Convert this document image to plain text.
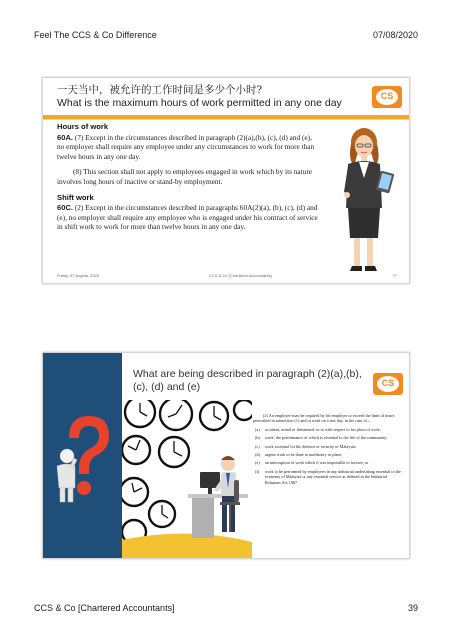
Feel The CCS & Co Difference	07/08/2020
一天当中，被允许的工作时间是多少个小时?
What is the maximum hours of work permitted in any one day
CS
Hours of work
60A. (7) Except in the circumstances described in paragraph (2)(a),(b), (c), (d) and (e), no employer shall require any employee under any circumstances to work for more than twelve hours in any one day.
(8) This section shall not apply to employees engaged in work which by its nature involves long hours of inactive or stand-by employment.
Shift work
60C. (2) Except in the circumstances described in paragraphs 60A(2)(a), (b), (c), (d) and (e), no employer shall require any employee who is engaged under his contract of service in shift work to work for more than twelve hours in any one day.
Friday, 07 August, 2020	CCS & Co (Chartered Accountants)	77
What are being described in paragraph (2)(a),(b), (c), (d) and (e)	CS
(2) An employee may be required by his employer to exceed the limit of hours prescribed in subsection (1) and to work on a rest day, in the case of—
(a)	accident, actual or threatened, in or with respect to his place of work;
(b)	work, the performance of which is essential to the life of the community;
(c)	work essential for the defence or security of Malaysia;
(d)	urgent work to be done to machinery or plant;
(e)	an interruption of work which it was impossible to foresee; or
(f)	work to be performed by employees in any industrial undertaking essential to the economy of Malaysia or any essential service as defined in the Industrial Relations Act 1967.
CCS & Co [Chartered Accountants]	39
